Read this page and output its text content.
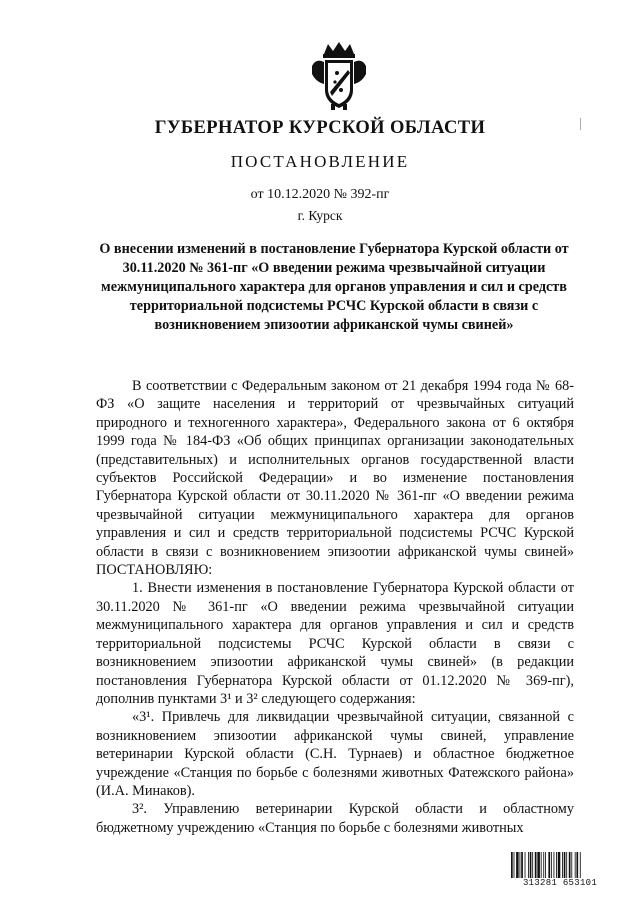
ГУБЕРНАТОР КУРСКОЙ ОБЛАСТИ
ПОСТАНОВЛЕНИЕ

от 10.12.2020 № 392-пг

г. Курск

О внесении изменений в постановление Губернатора Курской области от 30.11.2020 № 361-пг «О введении режима чрезвычайной ситуации межмуниципального характера для органов управления и сил и средств территориальной подсистемы РСЧС Курской области в связи с возникновением эпизоотии африканской чумы свиней»

В соответствии с Федеральным законом от 21 декабря 1994 года № 68-ФЗ «О защите населения и территорий от чрезвычайных ситуаций природного и техногенного характера», Федерального закона от 6 октября 1999 года № 184-ФЗ «Об общих принципах организации законодательных (представительных) и исполнительных органов государственной власти субъектов Российской Федерации» и во изменение постановления Губернатора Курской области от 30.11.2020 № 361-пг «О введении режима чрезвычайной ситуации межмуниципального характера для органов управления и сил и средств территориальной подсистемы РСЧС Курской области в связи с возникновением эпизоотии африканской чумы свиней» ПОСТАНОВЛЯЮ:

1. Внести изменения в постановление Губернатора Курской области от 30.11.2020 № 361-пг «О введении режима чрезвычайной ситуации межмуниципального характера для органов управления и сил и средств территориальной подсистемы РСЧС Курской области в связи с возникновением эпизоотии африканской чумы свиней» (в редакции постановления Губернатора Курской области от 01.12.2020 № 369-пг), дополнив пунктами 3¹ и 3² следующего содержания:

«3¹. Привлечь для ликвидации чрезвычайной ситуации, связанной с возникновением эпизоотии африканской чумы свиней, управление ветеринарии Курской области (С.Н. Турнаев) и областное бюджетное учреждение «Станция по борьбе с болезнями животных Фатежского района» (И.А. Минаков).

3². Управлению ветеринарии Курской области и областному бюджетному учреждению «Станция по борьбе с болезнями животных

313281 653101
